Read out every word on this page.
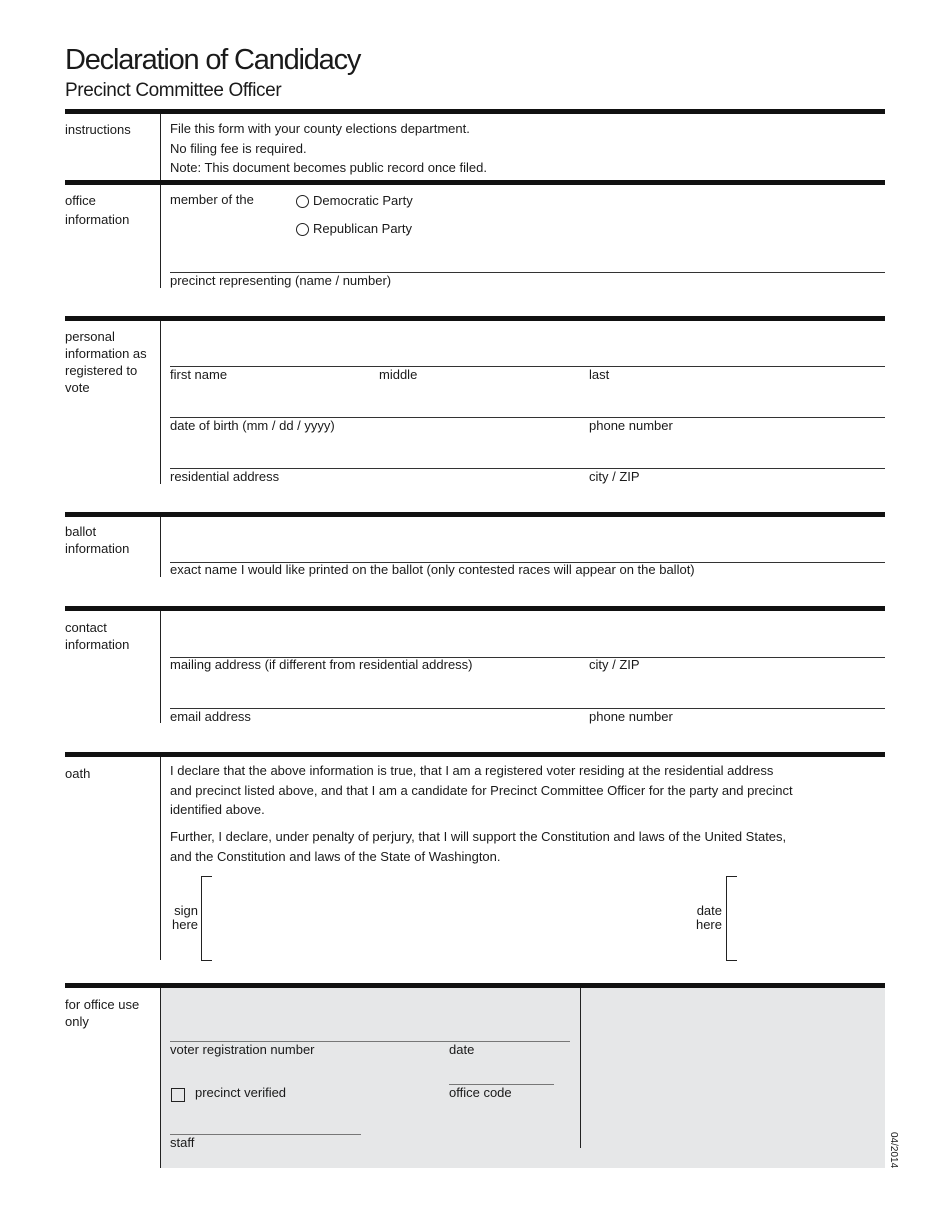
Declaration of Candidacy
Precinct Committee Officer
instructions	File this form with your county elections department.
No filing fee is required.
Note: This document becomes public record once filed.
office information
member of the	Democratic Party
Republican Party
precinct representing (name / number)
personal information as registered to vote
first name	middle	last
date of birth (mm / dd / yyyy)	phone number
residential address	city / ZIP
ballot information
exact name I would like printed on the ballot (only contested races will appear on the ballot)
contact information
mailing address (if different from residential address)	city / ZIP
email address	phone number
oath	I declare that the above information is true, that I am a registered voter residing at the residential address
and precinct listed above, and that I am a candidate for Precinct Committee Officer for the party and precinct
identified above.
Further, I declare, under penalty of perjury, that I will support the Constitution and laws of the United States,
and the Constitution and laws of the State of Washington.
sign
here
date
here
for office use only
voter registration number	date
precinct verified	office code
staff	04/2014
